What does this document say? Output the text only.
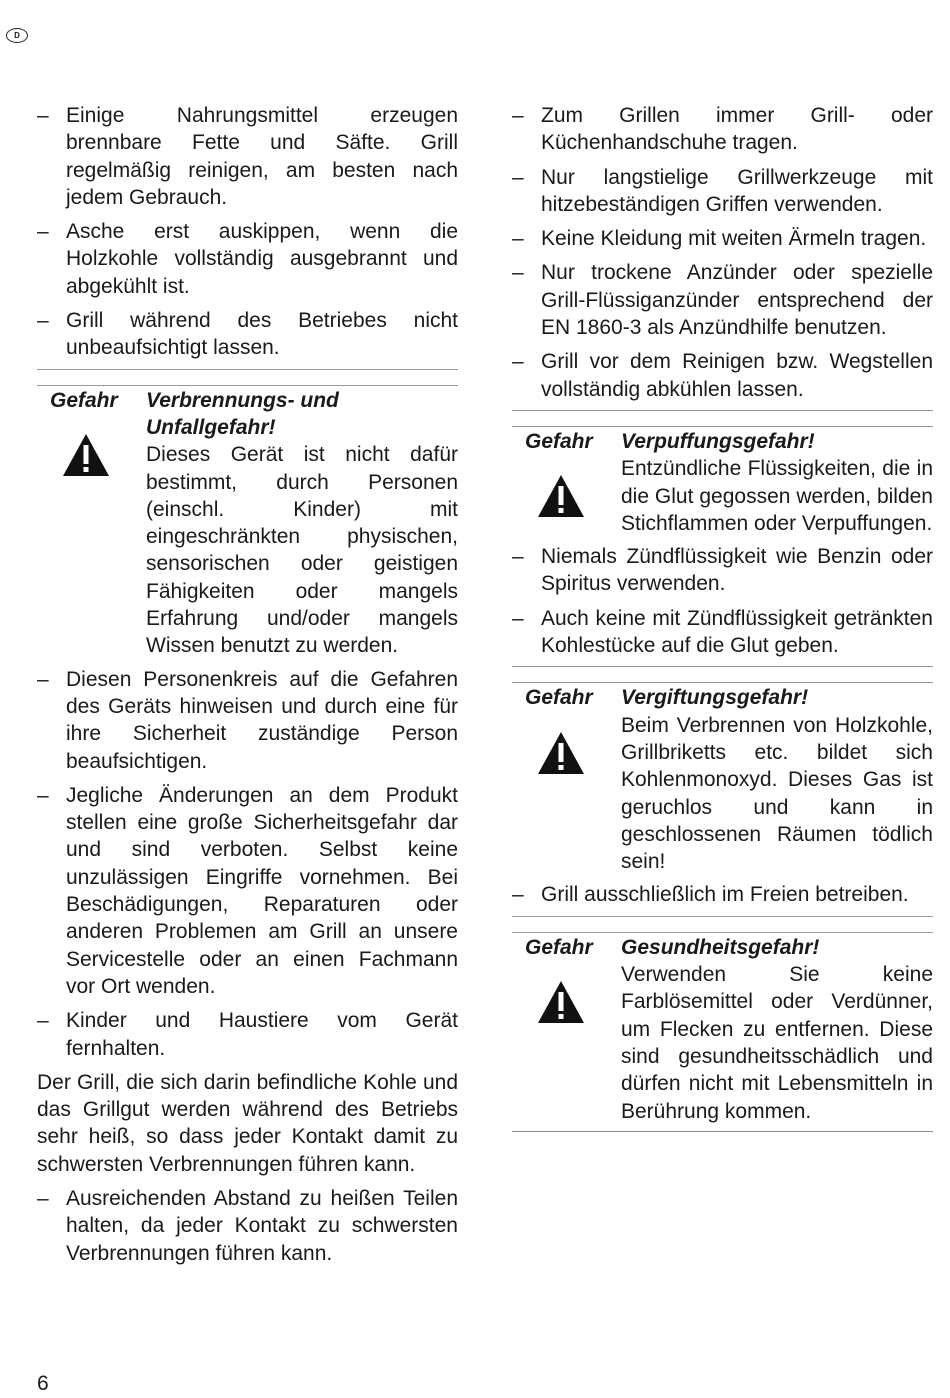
D
– Einige Nahrungsmittel erzeugen brennbare Fette und Säfte. Grill regelmäßig reinigen, am besten nach jedem Gebrauch.
– Asche erst auskippen, wenn die Holzkohle vollständig ausgebrannt und abgekühlt ist.
– Grill während des Betriebes nicht unbeaufsichtigt lassen.
Gefahr	Verbrennungs- und Unfallgefahr!
Dieses Gerät ist nicht dafür bestimmt, durch Personen (einschl. Kinder) mit eingeschränkten physischen, sensorischen oder geistigen Fähigkeiten oder mangels Erfahrung und/oder mangels Wissen benutzt zu werden.
– Diesen Personenkreis auf die Gefahren des Geräts hinweisen und durch eine für ihre Sicherheit zuständige Person beaufsichtigen.
– Jegliche Änderungen an dem Produkt stellen eine große Sicherheitsgefahr dar und sind verboten. Selbst keine unzulässigen Eingriffe vornehmen. Bei Beschädigungen, Reparaturen oder anderen Problemen am Grill an unsere Servicestelle oder an einen Fachmann vor Ort wenden.
– Kinder und Haustiere vom Gerät fernhalten.
Der Grill, die sich darin befindliche Kohle und das Grillgut werden während des Betriebs sehr heiß, so dass jeder Kontakt damit zu schwersten Verbrennungen führen kann.
– Ausreichenden Abstand zu heißen Teilen halten, da jeder Kontakt zu schwersten Verbrennungen führen kann.
– Zum Grillen immer Grill- oder Küchenhandschuhe tragen.
– Nur langstielige Grillwerkzeuge mit hitzebeständigen Griffen verwenden.
– Keine Kleidung mit weiten Ärmeln tragen.
– Nur trockene Anzünder oder spezielle Grill-Flüssiganzünder entsprechend der EN 1860-3 als Anzündhilfe benutzen.
– Grill vor dem Reinigen bzw. Wegstellen vollständig abkühlen lassen.
Gefahr	Verpuffungsgefahr!
Entzündliche Flüssigkeiten, die in die Glut gegossen werden, bilden Stichflammen oder Verpuffungen.
– Niemals Zündflüssigkeit wie Benzin oder Spiritus verwenden.
– Auch keine mit Zündflüssigkeit getränkten Kohlestücke auf die Glut geben.
Gefahr	Vergiftungsgefahr!
Beim Verbrennen von Holzkohle, Grillbriketts etc. bildet sich Kohlenmonoxyd. Dieses Gas ist geruchlos und kann in geschlossenen Räumen tödlich sein!
– Grill ausschließlich im Freien betreiben.
Gefahr	Gesundheitsgefahr!
Verwenden Sie keine Farblösemittel oder Verdünner, um Flecken zu entfernen. Diese sind gesundheitsschädlich und dürfen nicht mit Lebensmitteln in Berührung kommen.
6
